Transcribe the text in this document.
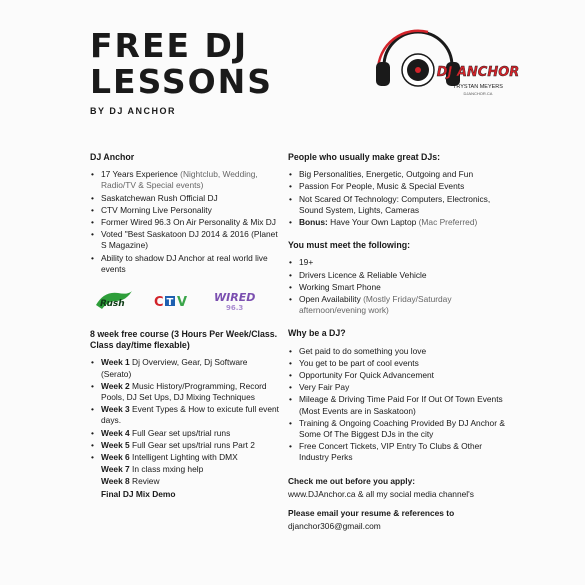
FREE DJ
LESSONS
BY DJ ANCHOR
DJ ANCHOR
TRYSTAN MEYERS
DJANCHOR.CA
DJ Anchor
• 17 Years Experience (Nightclub, Wedding, Radio/TV & Special events)
• Saskatchewan Rush Official DJ
• CTV Morning Live Personality
• Former Wired 96.3 On Air Personality & Mix DJ
• Voted "Best Saskatoon DJ 2014 & 2016 (Planet S Magazine)
• Ability to shadow DJ Anchor at real world live events
Rush C T V WIRED
96.3

8 week free course (3 Hours Per Week/Class. Class day/time flexable)

• Week 1 Dj Overview, Gear, Dj Software (Serato)
• Week 2 Music History/Programming, Record Pools, DJ Set Ups, DJ Mixing Techniques
• Week 3 Event Types & How to exicute full event days.
• Week 4 Full Gear set ups/trial runs
• Week 5 Full Gear set ups/trial runs Part 2
• Week 6 Intelligent Lighting with DMX
Week 7 In class mxing help
Week 8 Review
Final DJ Mix Demo
People who usually make great DJs:
• Big Personalities, Energetic, Outgoing and Fun
• Passion For People, Music & Special Events
• Not Scared Of Technology: Computers, Electronics, Sound System, Lights, Cameras
• Bonus: Have Your Own Laptop (Mac Preferred)
You must meet the following:
• 19+
• Drivers Licence & Reliable Vehicle
• Working Smart Phone
• Open Availability (Mostly Friday/Saturday afternoon/evening work)
Why be a DJ?
• Get paid to do something you love
• You get to be part of cool events
• Opportunity For Quick Advancement
• Very Fair Pay
• Mileage & Driving Time Paid For If Out Of Town Events (Most Events are in Saskatoon)
• Training & Ongoing Coaching Provided By DJ Anchor & Some Of The Biggest DJs in the city
• Free Concert Tickets, VIP Entry To Clubs & Other Industry Perks

Check me out before you apply:

www.DJAnchor.ca & all my social media channel's

Please email your resume & references to

djanchor306@gmail.com
